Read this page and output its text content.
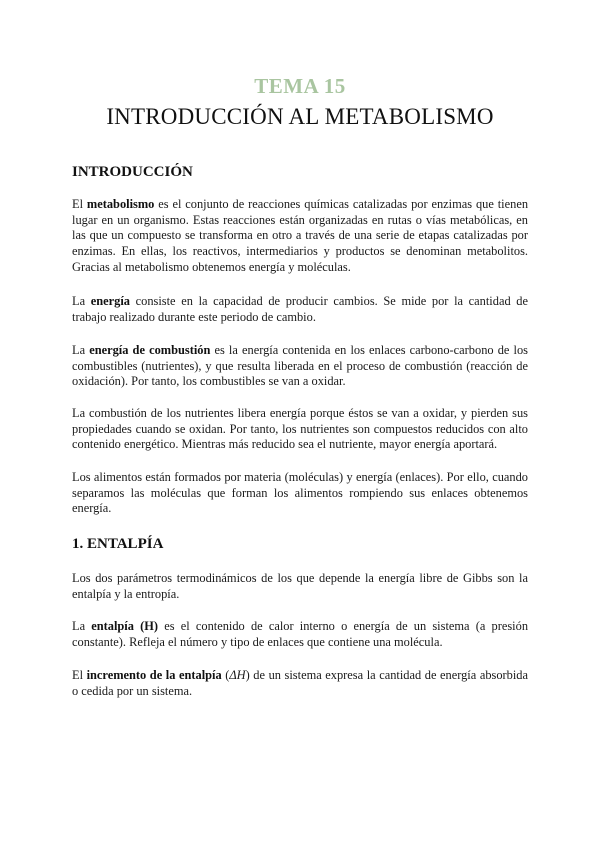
TEMA 15
INTRODUCCIÓN AL METABOLISMO
INTRODUCCIÓN

El metabolismo es el conjunto de reacciones químicas catalizadas por enzimas que tienen lugar en un organismo. Estas reacciones están organizadas en rutas o vías metabólicas, en las que un compuesto se transforma en otro a través de una serie de etapas catalizadas por enzimas. En ellas, los reactivos, intermediarios y productos se denominan metabolitos. Gracias al metabolismo obtenemos energía y moléculas.

La energía consiste en la capacidad de producir cambios. Se mide por la cantidad de trabajo realizado durante este periodo de cambio.

La energía de combustión es la energía contenida en los enlaces carbono-carbono de los combustibles (nutrientes), y que resulta liberada en el proceso de combustión (reacción de oxidación). Por tanto, los combustibles se van a oxidar.

La combustión de los nutrientes libera energía porque éstos se van a oxidar, y pierden sus propiedades cuando se oxidan. Por tanto, los nutrientes son compuestos reducidos con alto contenido energético. Mientras más reducido sea el nutriente, mayor energía aportará.

Los alimentos están formados por materia (moléculas) y energía (enlaces). Por ello, cuando separamos las moléculas que forman los alimentos rompiendo sus enlaces obtenemos energía.

1. ENTALPÍA

Los dos parámetros termodinámicos de los que depende la energía libre de Gibbs son la entalpía y la entropía.

La entalpía (H) es el contenido de calor interno o energía de un sistema (a presión constante). Refleja el número y tipo de enlaces que contiene una molécula.

El incremento de la entalpía (ΔH) de un sistema expresa la cantidad de energía absorbida o cedida por un sistema.
